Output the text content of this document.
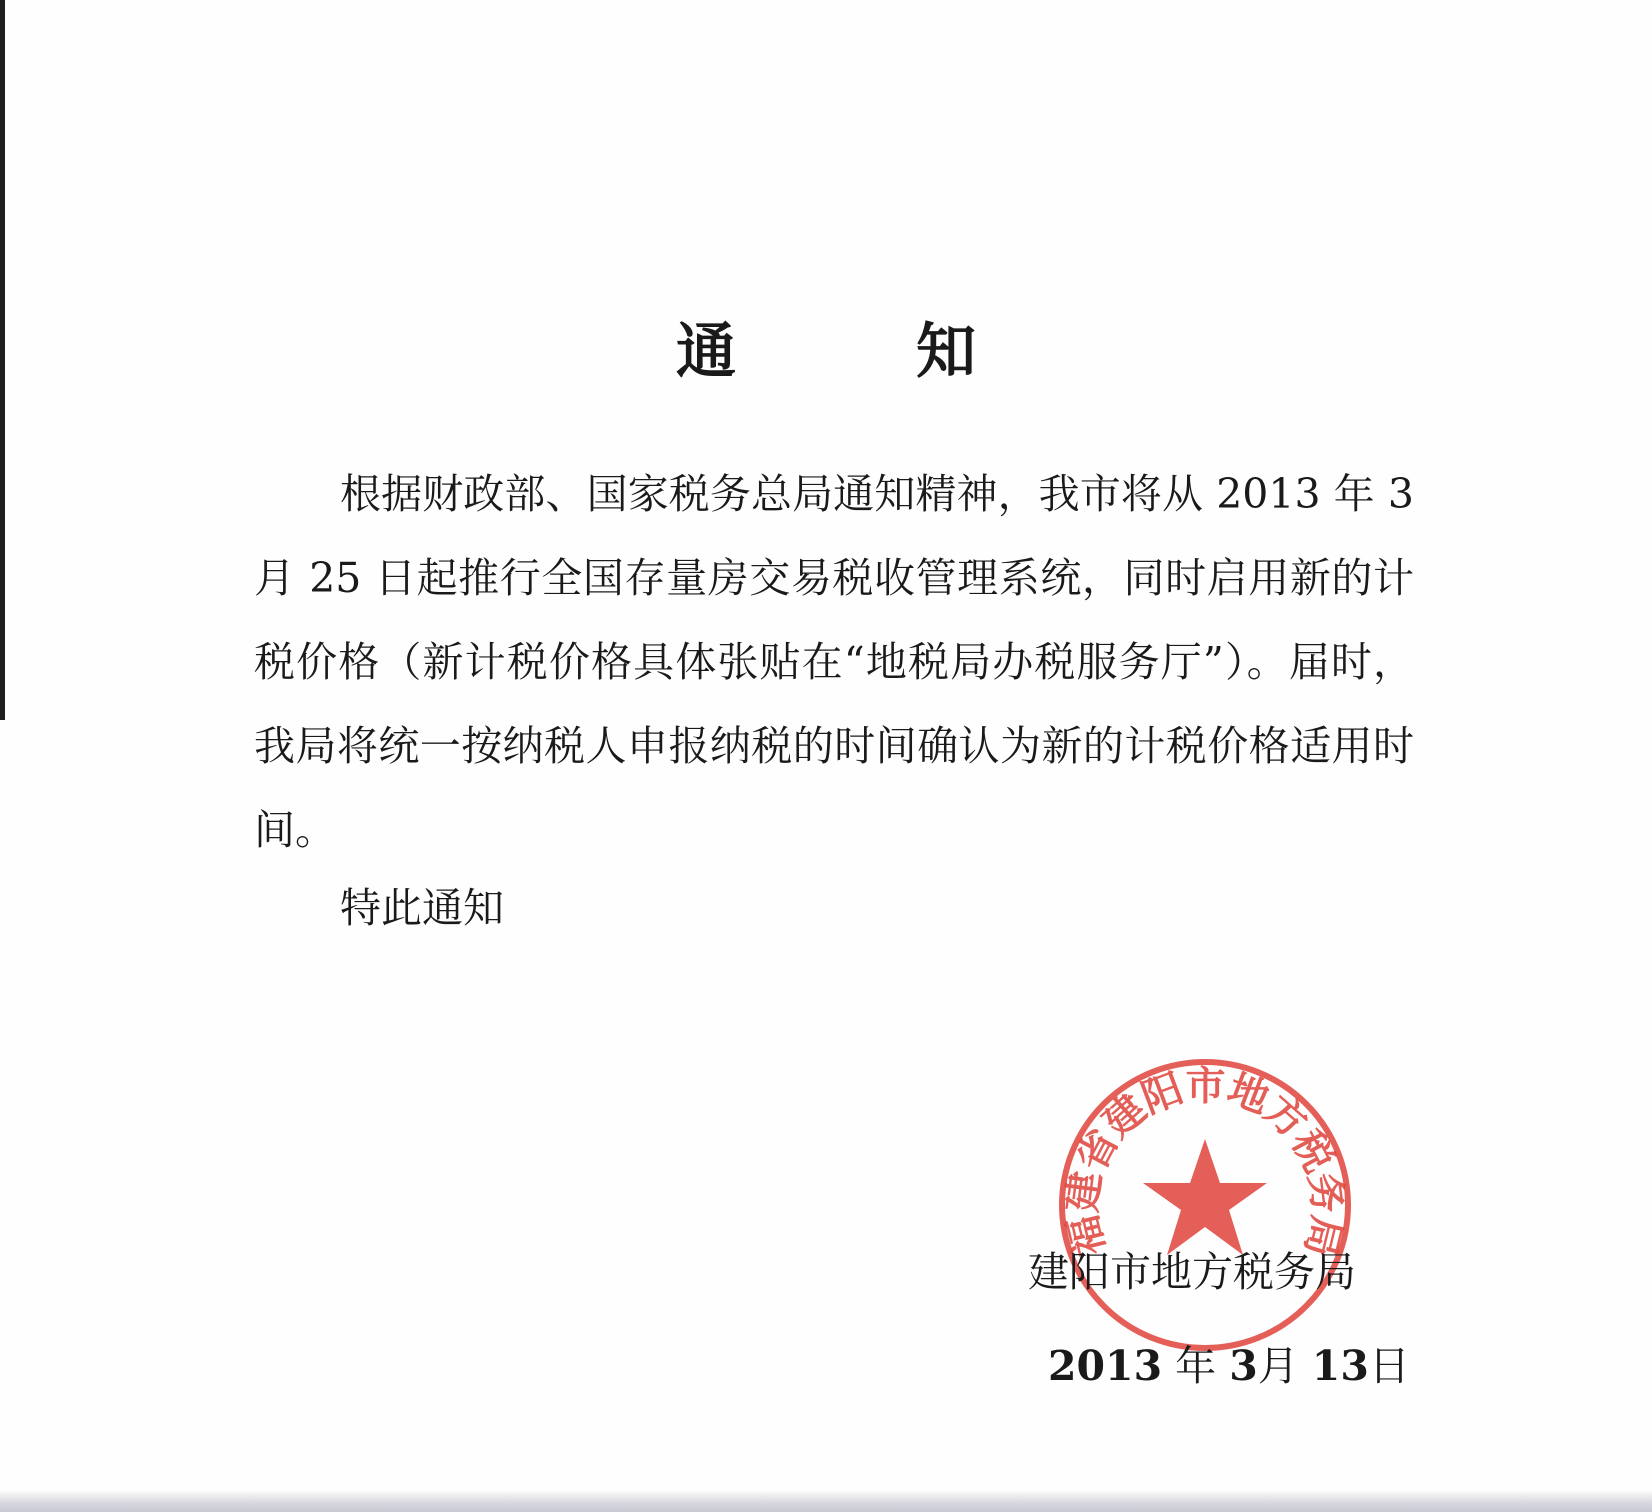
通	知

根据财政部、国家税务总局通知精神，我市将从 2013 年 3 月 25 日起推行全国存量房交易税收管理系统，同时启用新的计税价格（新计税价格具体张贴在“地税局办税服务厅”）。届时，我局将统一按纳税人申报纳税的时间确认为新的计税价格适用时间。

特此通知
福建省建阳市地方税务局
建阳市地方税务局
2013 年 3月 13日
